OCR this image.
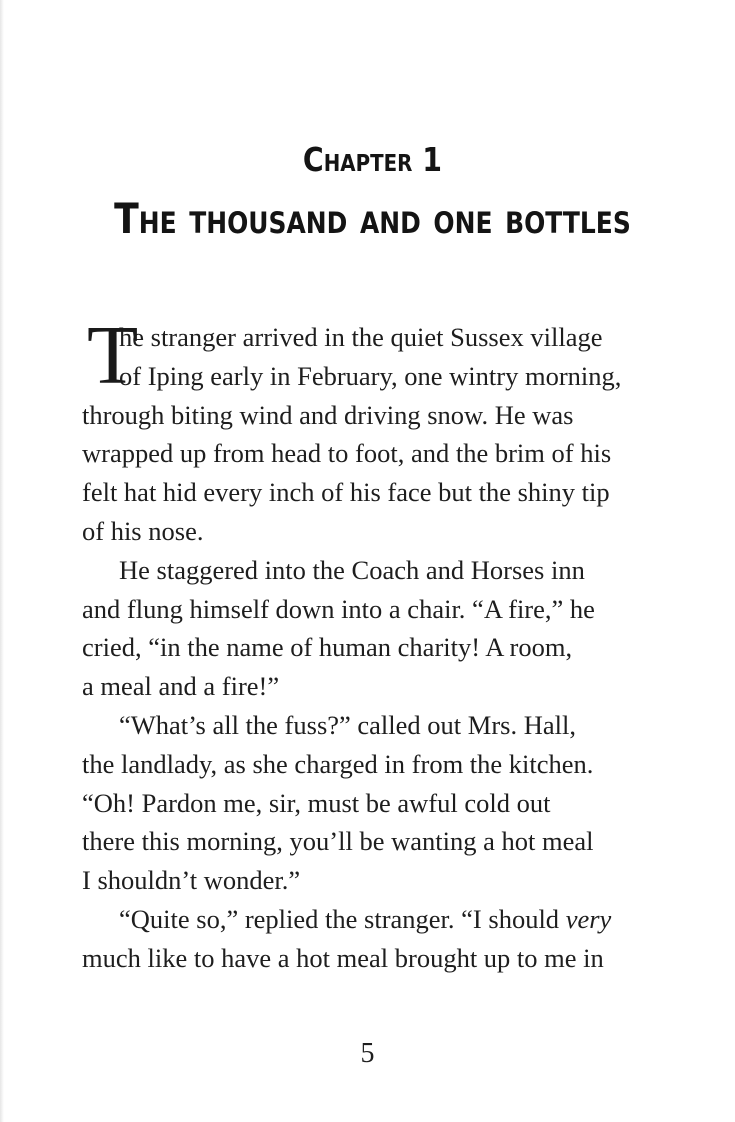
Chapter 1
The thousand and one bottles
T
he stranger arrived in the quiet Sussex village
of Iping early in February, one wintry morning,
through biting wind and driving snow. He was
wrapped up from head to foot, and the brim of his
felt hat hid every inch of his face but the shiny tip
of his nose.
He staggered into the Coach and Horses inn
and flung himself down into a chair. “A fire,” he
cried, “in the name of human charity! A room,
a meal and a fire!”
“What’s all the fuss?” called out Mrs. Hall,
the landlady, as she charged in from the kitchen.
“Oh! Pardon me, sir, must be awful cold out
there this morning, you’ll be wanting a hot meal
I shouldn’t wonder.”
“Quite so,” replied the stranger. “I should very
much like to have a hot meal brought up to me in
5
